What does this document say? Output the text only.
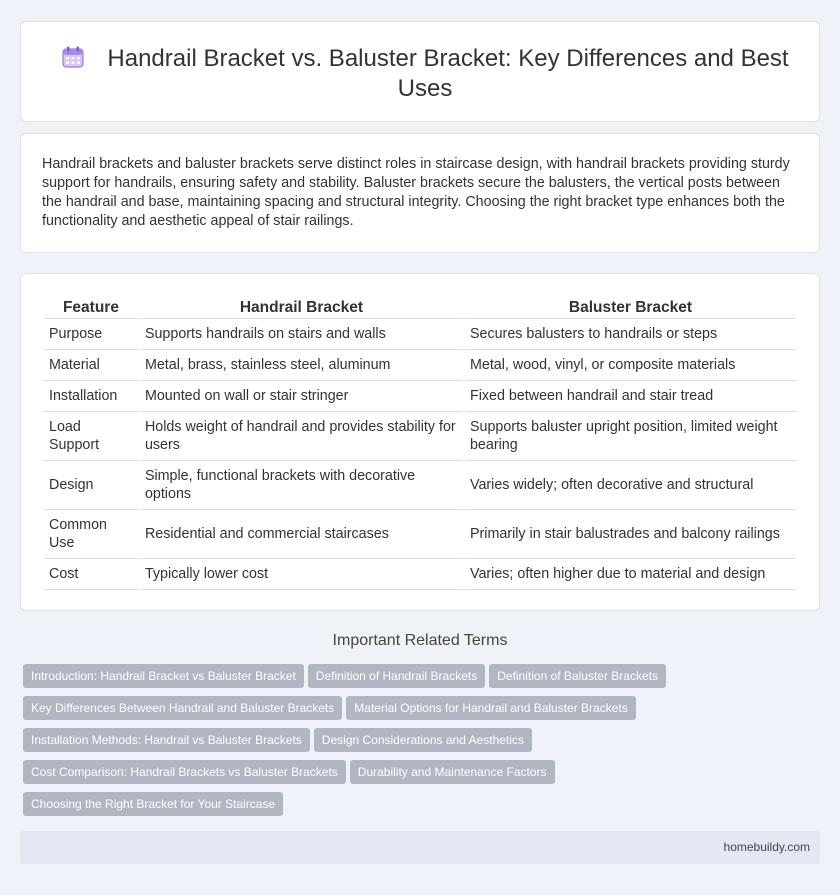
Handrail Bracket vs. Baluster Bracket: Key Differences and Best Uses

Handrail brackets and baluster brackets serve distinct roles in staircase design, with handrail brackets providing sturdy support for handrails, ensuring safety and stability. Baluster brackets secure the balusters, the vertical posts between the handrail and base, maintaining spacing and structural integrity. Choosing the right bracket type enhances both the functionality and aesthetic appeal of stair railings.

Feature	Handrail Bracket	Baluster Bracket
Purpose	Supports handrails on stairs and walls	Secures balusters to handrails or steps
Material	Metal, brass, stainless steel, aluminum	Metal, wood, vinyl, or composite materials
Installation	Mounted on wall or stair stringer	Fixed between handrail and stair tread
Load Support	Holds weight of handrail and provides stability for users	Supports baluster upright position, limited weight bearing
Design	Simple, functional brackets with decorative options	Varies widely; often decorative and structural
Common Use	Residential and commercial staircases	Primarily in stair balustrades and balcony railings
Cost	Typically lower cost	Varies; often higher due to material and design
Important Related Terms
Introduction: Handrail Bracket vs Baluster Bracket Definition of Handrail Brackets Definition of Baluster Brackets
Key Differences Between Handrail and Baluster Brackets Material Options for Handrail and Baluster Brackets
Installation Methods: Handrail vs Baluster Brackets Design Considerations and Aesthetics
Cost Comparison: Handrail Brackets vs Baluster Brackets Durability and Maintenance Factors
Choosing the Right Bracket for Your Staircase
homebuildy.com
